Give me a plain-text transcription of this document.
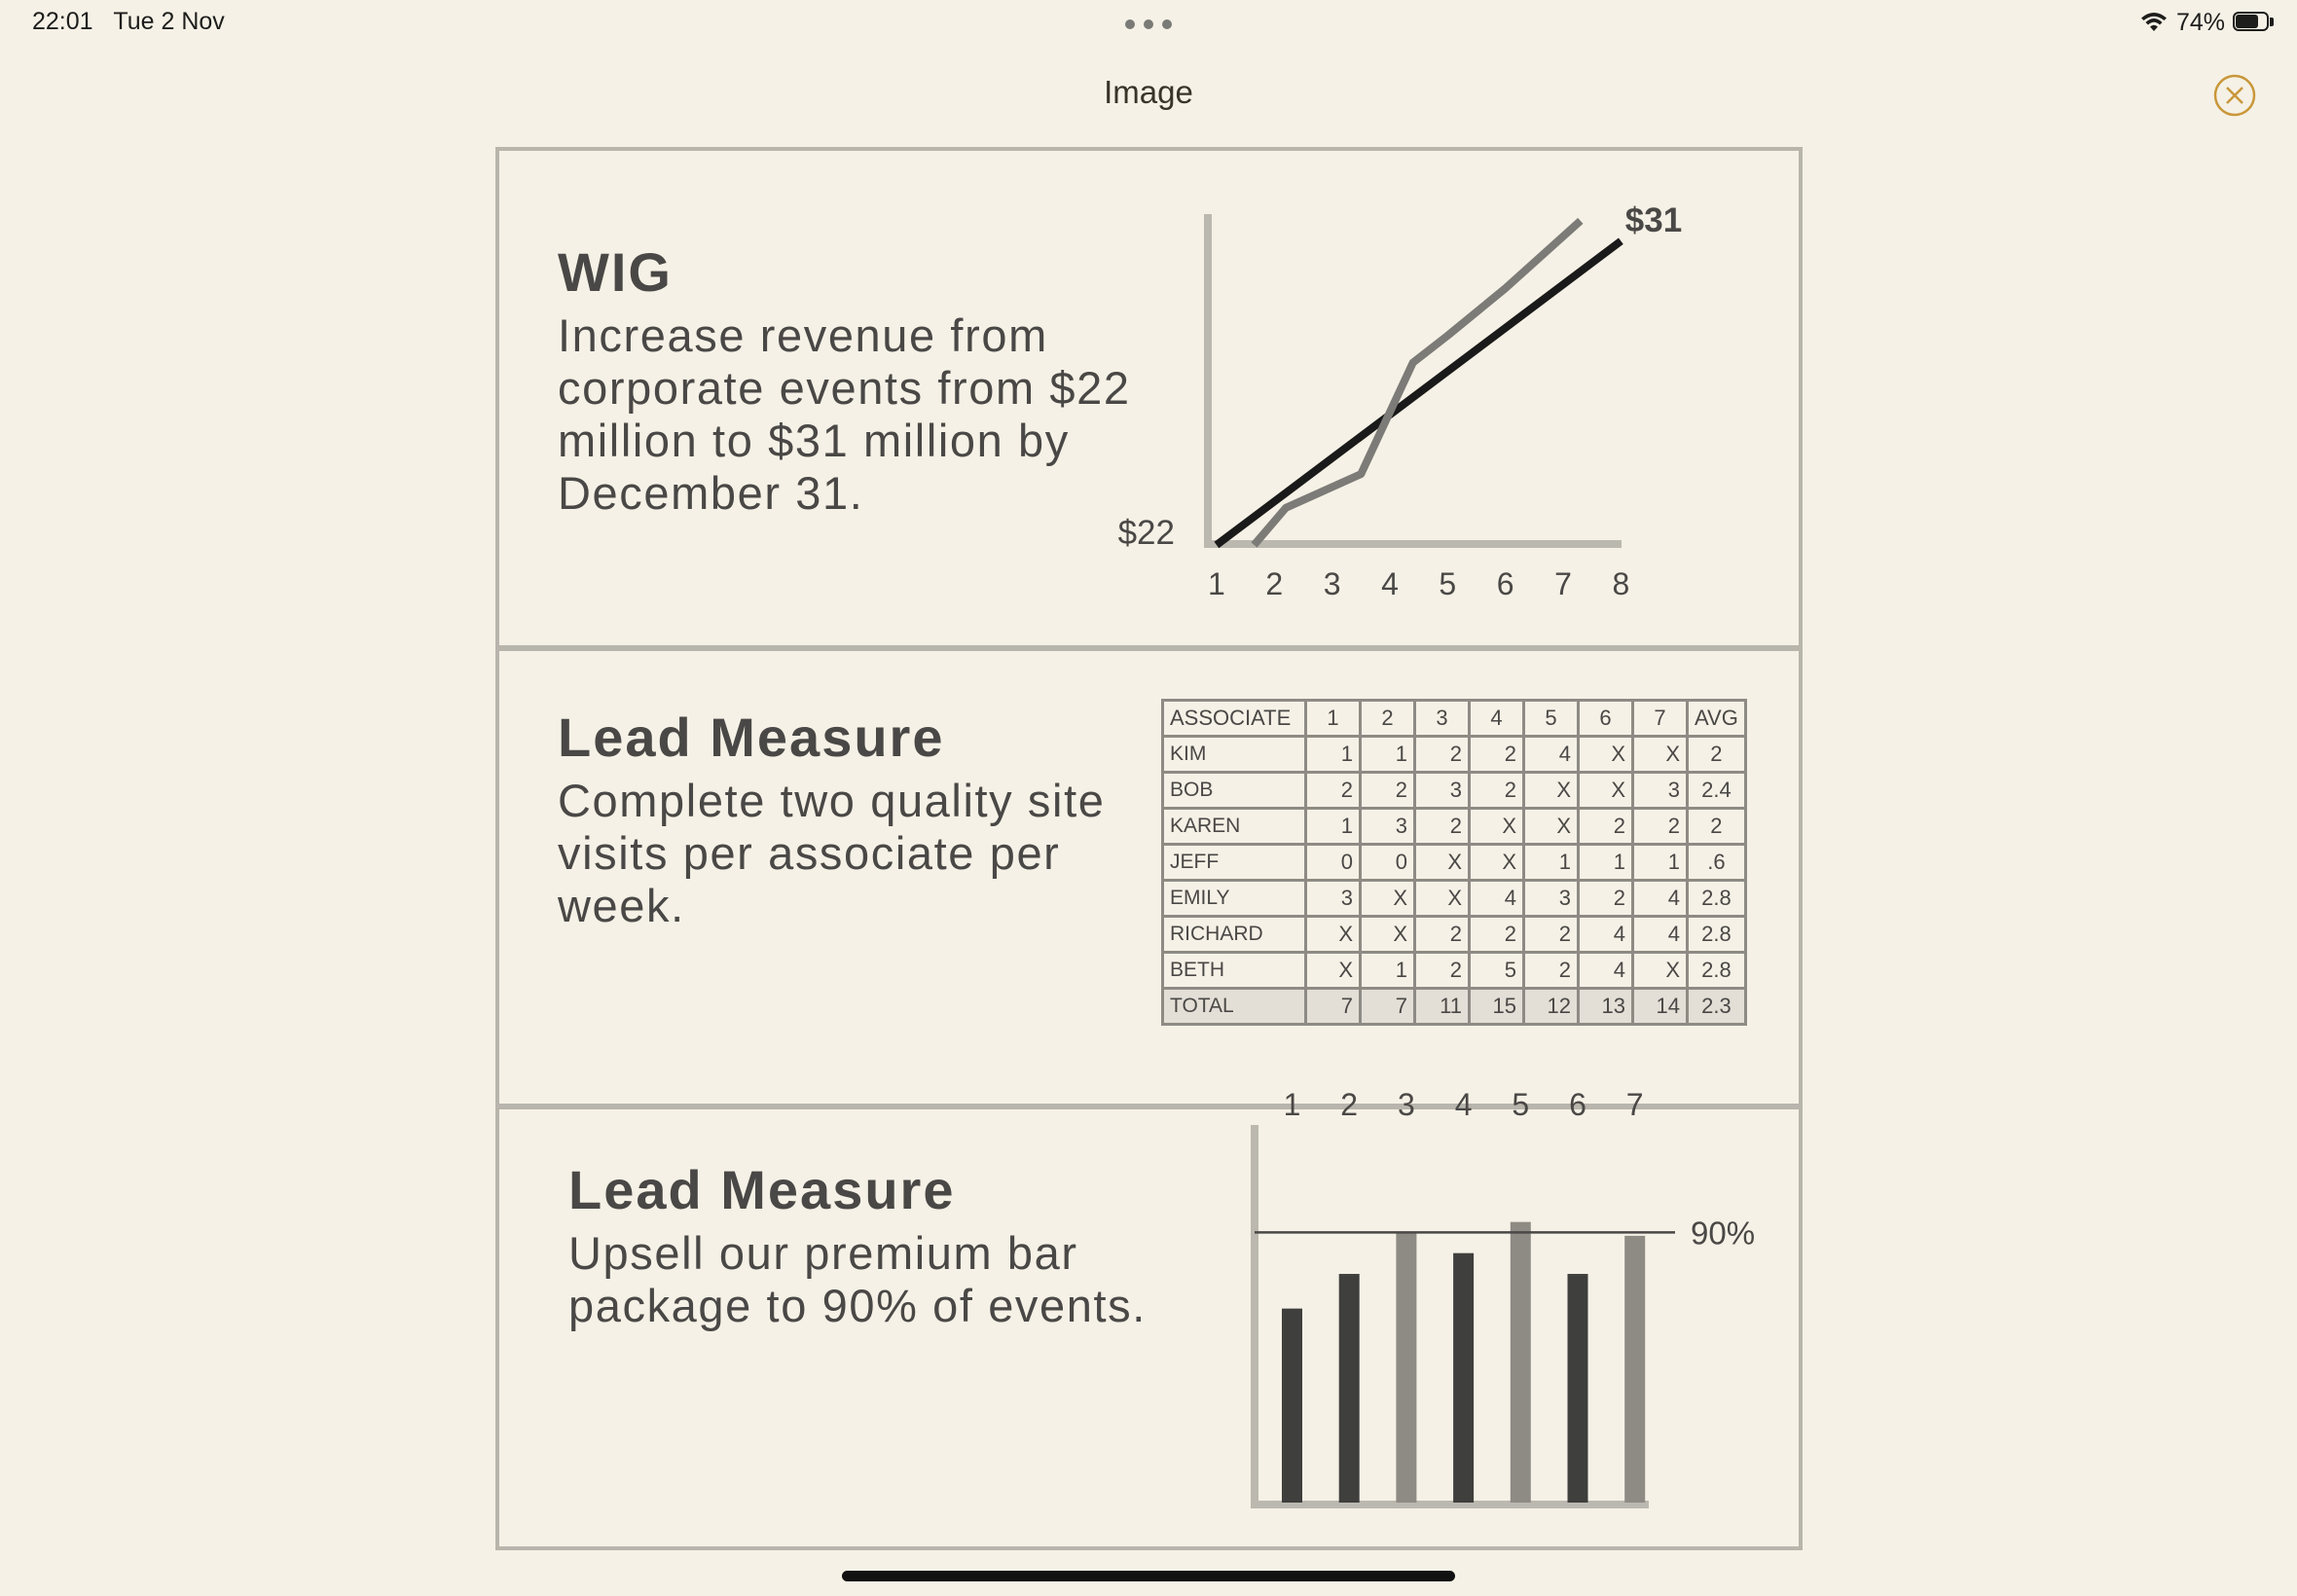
22:01 Tue 2 Nov	74%
Image
WIG
Increase revenue from corporate events from $22 million to $31 million by December 31.
1 2 3 4 5 6 7 8
$22
$31
Lead Measure
Complete two quality site visits per associate per week.
ASSOCIATE	1	2	3	4	5	6	7	AVG
KIM	1	1	2	2	4	X	X	2
BOB	2	2	3	2	X	X	3	2.4
KAREN	1	3	2	X	X	2	2	2
JEFF	0	0	X	X	1	1	1	.6
EMILY	3	X	X	4	3	2	4	2.8
RICHARD	X	X	2	2	2	4	4	2.8
BETH	X	1	2	5	2	4	X	2.8
TOTAL	7	7	11	15	12	13	14	2.3
Lead Measure
Upsell our premium bar package to 90% of events.
1 2 3 4 5 6 7
90%
